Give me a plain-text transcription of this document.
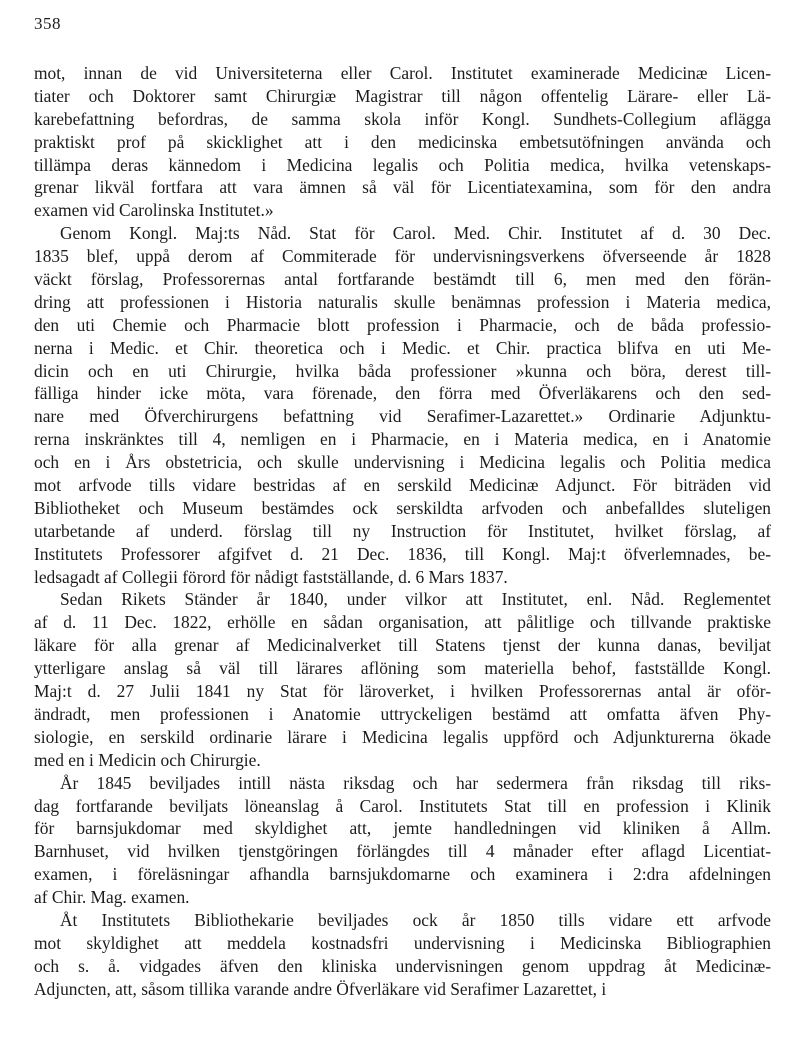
358
mot, innan de vid Universiteterna eller Carol. Institutet examinerade Medicinæ Licen-
tiater och Doktorer samt Chirurgiæ Magistrar till någon offentelig Lärare- eller Lä-
karebefattning befordras, de samma skola inför Kongl. Sundhets-Collegium aflägga
praktiskt prof på skicklighet att i den medicinska embetsutöfningen använda och
tillämpa deras kännedom i Medicina legalis och Politia medica, hvilka vetenskaps-
grenar likväl fortfara att vara ämnen så väl för Licentiatexamina, som för den andra
examen vid Carolinska Institutet.»
Genom Kongl. Maj:ts Nåd. Stat för Carol. Med. Chir. Institutet af d. 30 Dec.
1835 blef, uppå derom af Commiterade för undervisningsverkens öfverseende år 1828
väckt förslag, Professorernas antal fortfarande bestämdt till 6, men med den förän-
dring att professionen i Historia naturalis skulle benämnas profession i Materia medica,
den uti Chemie och Pharmacie blott profession i Pharmacie, och de båda professio-
nerna i Medic. et Chir. theoretica och i Medic. et Chir. practica blifva en uti Me-
dicin och en uti Chirurgie, hvilka båda professioner »kunna och böra, derest till-
fälliga hinder icke möta, vara förenade, den förra med Öfverläkarens och den sed-
nare med Öfverchirurgens befattning vid Serafimer-Lazarettet.» Ordinarie Adjunktu-
rerna inskränktes till 4, nemligen en i Pharmacie, en i Materia medica, en i Anatomie
och en i Års obstetricia, och skulle undervisning i Medicina legalis och Politia medica
mot arfvode tills vidare bestridas af en serskild Medicinæ Adjunct. För biträden vid
Bibliotheket och Museum bestämdes ock serskildta arfvoden och anbefalldes sluteligen
utarbetande af underd. förslag till ny Instruction för Institutet, hvilket förslag, af
Institutets Professorer afgifvet d. 21 Dec. 1836, till Kongl. Maj:t öfverlemnades, be-
ledsagadt af Collegii förord för nådigt fastställande, d. 6 Mars 1837.
Sedan Rikets Ständer år 1840, under vilkor att Institutet, enl. Nåd. Reglementet
af d. 11 Dec. 1822, erhölle en sådan organisation, att pålitlige och tillvande praktiske
läkare för alla grenar af Medicinalverket till Statens tjenst der kunna danas, beviljat
ytterligare anslag så väl till lärares aflöning som materiella behof, fastställde Kongl.
Maj:t d. 27 Julii 1841 ny Stat för läroverket, i hvilken Professorernas antal är oför-
ändradt, men professionen i Anatomie uttryckeligen bestämd att omfatta äfven Phy-
siologie, en serskild ordinarie lärare i Medicina legalis uppförd och Adjunkturerna ökade
med en i Medicin och Chirurgie.
År 1845 beviljades intill nästa riksdag och har sedermera från riksdag till riks-
dag fortfarande beviljats löneanslag å Carol. Institutets Stat till en profession i Klinik
för barnsjukdomar med skyldighet att, jemte handledningen vid kliniken å Allm.
Barnhuset, vid hvilken tjenstgöringen förlängdes till 4 månader efter aflagd Licentiat-
examen, i föreläsningar afhandla barnsjukdomarne och examinera i 2:dra afdelningen
af Chir. Mag. examen.
Åt Institutets Bibliothekarie beviljades ock år 1850 tills vidare ett arfvode
mot skyldighet att meddela kostnadsfri undervisning i Medicinska Bibliographien
och s. å. vidgades äfven den kliniska undervisningen genom uppdrag åt Medicinæ-
Adjuncten, att, såsom tillika varande andre Öfverläkare vid Serafimer Lazarettet, i
